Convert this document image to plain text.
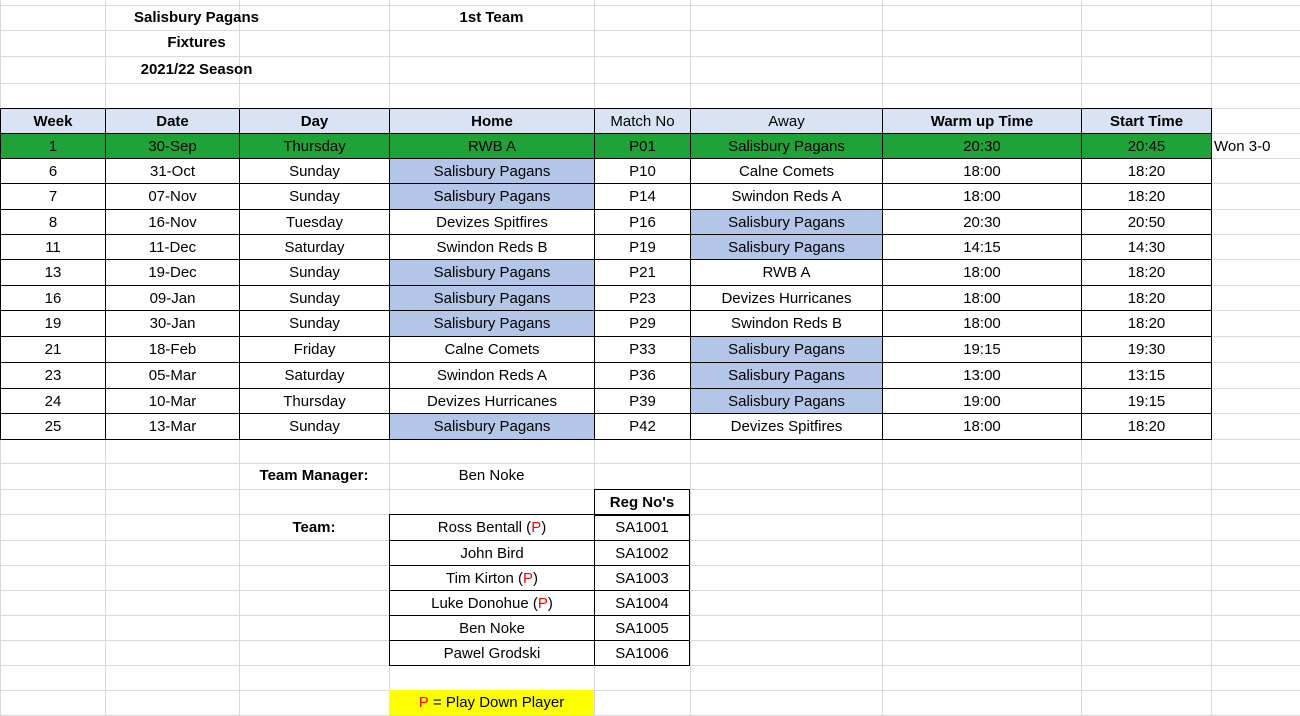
Salisbury Pagans
Fixtures
2021/22 Season
1st Team
Week	Date	Day	Home	Match No	Away	Warm up Time	Start Time
1	30-Sep	Thursday	RWB A	P01	Salisbury Pagans	20:30	20:45	Won 3-0
6	31-Oct	Sunday	Salisbury Pagans	P10	Calne Comets	18:00	18:20
7	07-Nov	Sunday	Salisbury Pagans	P14	Swindon Reds A	18:00	18:20
8	16-Nov	Tuesday	Devizes Spitfires	P16	Salisbury Pagans	20:30	20:50
11	11-Dec	Saturday	Swindon Reds B	P19	Salisbury Pagans	14:15	14:30
13	19-Dec	Sunday	Salisbury Pagans	P21	RWB A	18:00	18:20
16	09-Jan	Sunday	Salisbury Pagans	P23	Devizes Hurricanes	18:00	18:20
19	30-Jan	Sunday	Salisbury Pagans	P29	Swindon Reds B	18:00	18:20
21	18-Feb	Friday	Calne Comets	P33	Salisbury Pagans	19:15	19:30
23	05-Mar	Saturday	Swindon Reds A	P36	Salisbury Pagans	13:00	13:15
24	10-Mar	Thursday	Devizes Hurricanes	P39	Salisbury Pagans	19:00	19:15
25	13-Mar	Sunday	Salisbury Pagans	P42	Devizes Spitfires	18:00	18:20
Team Manager:	Ben Noke
Reg No's
Team:	Ross Bentall (P)	SA1001
John Bird	SA1002
Tim Kirton (P)	SA1003
Luke Donohue (P)	SA1004
Ben Noke	SA1005
Pawel Grodski	SA1006
P = Play Down Player
